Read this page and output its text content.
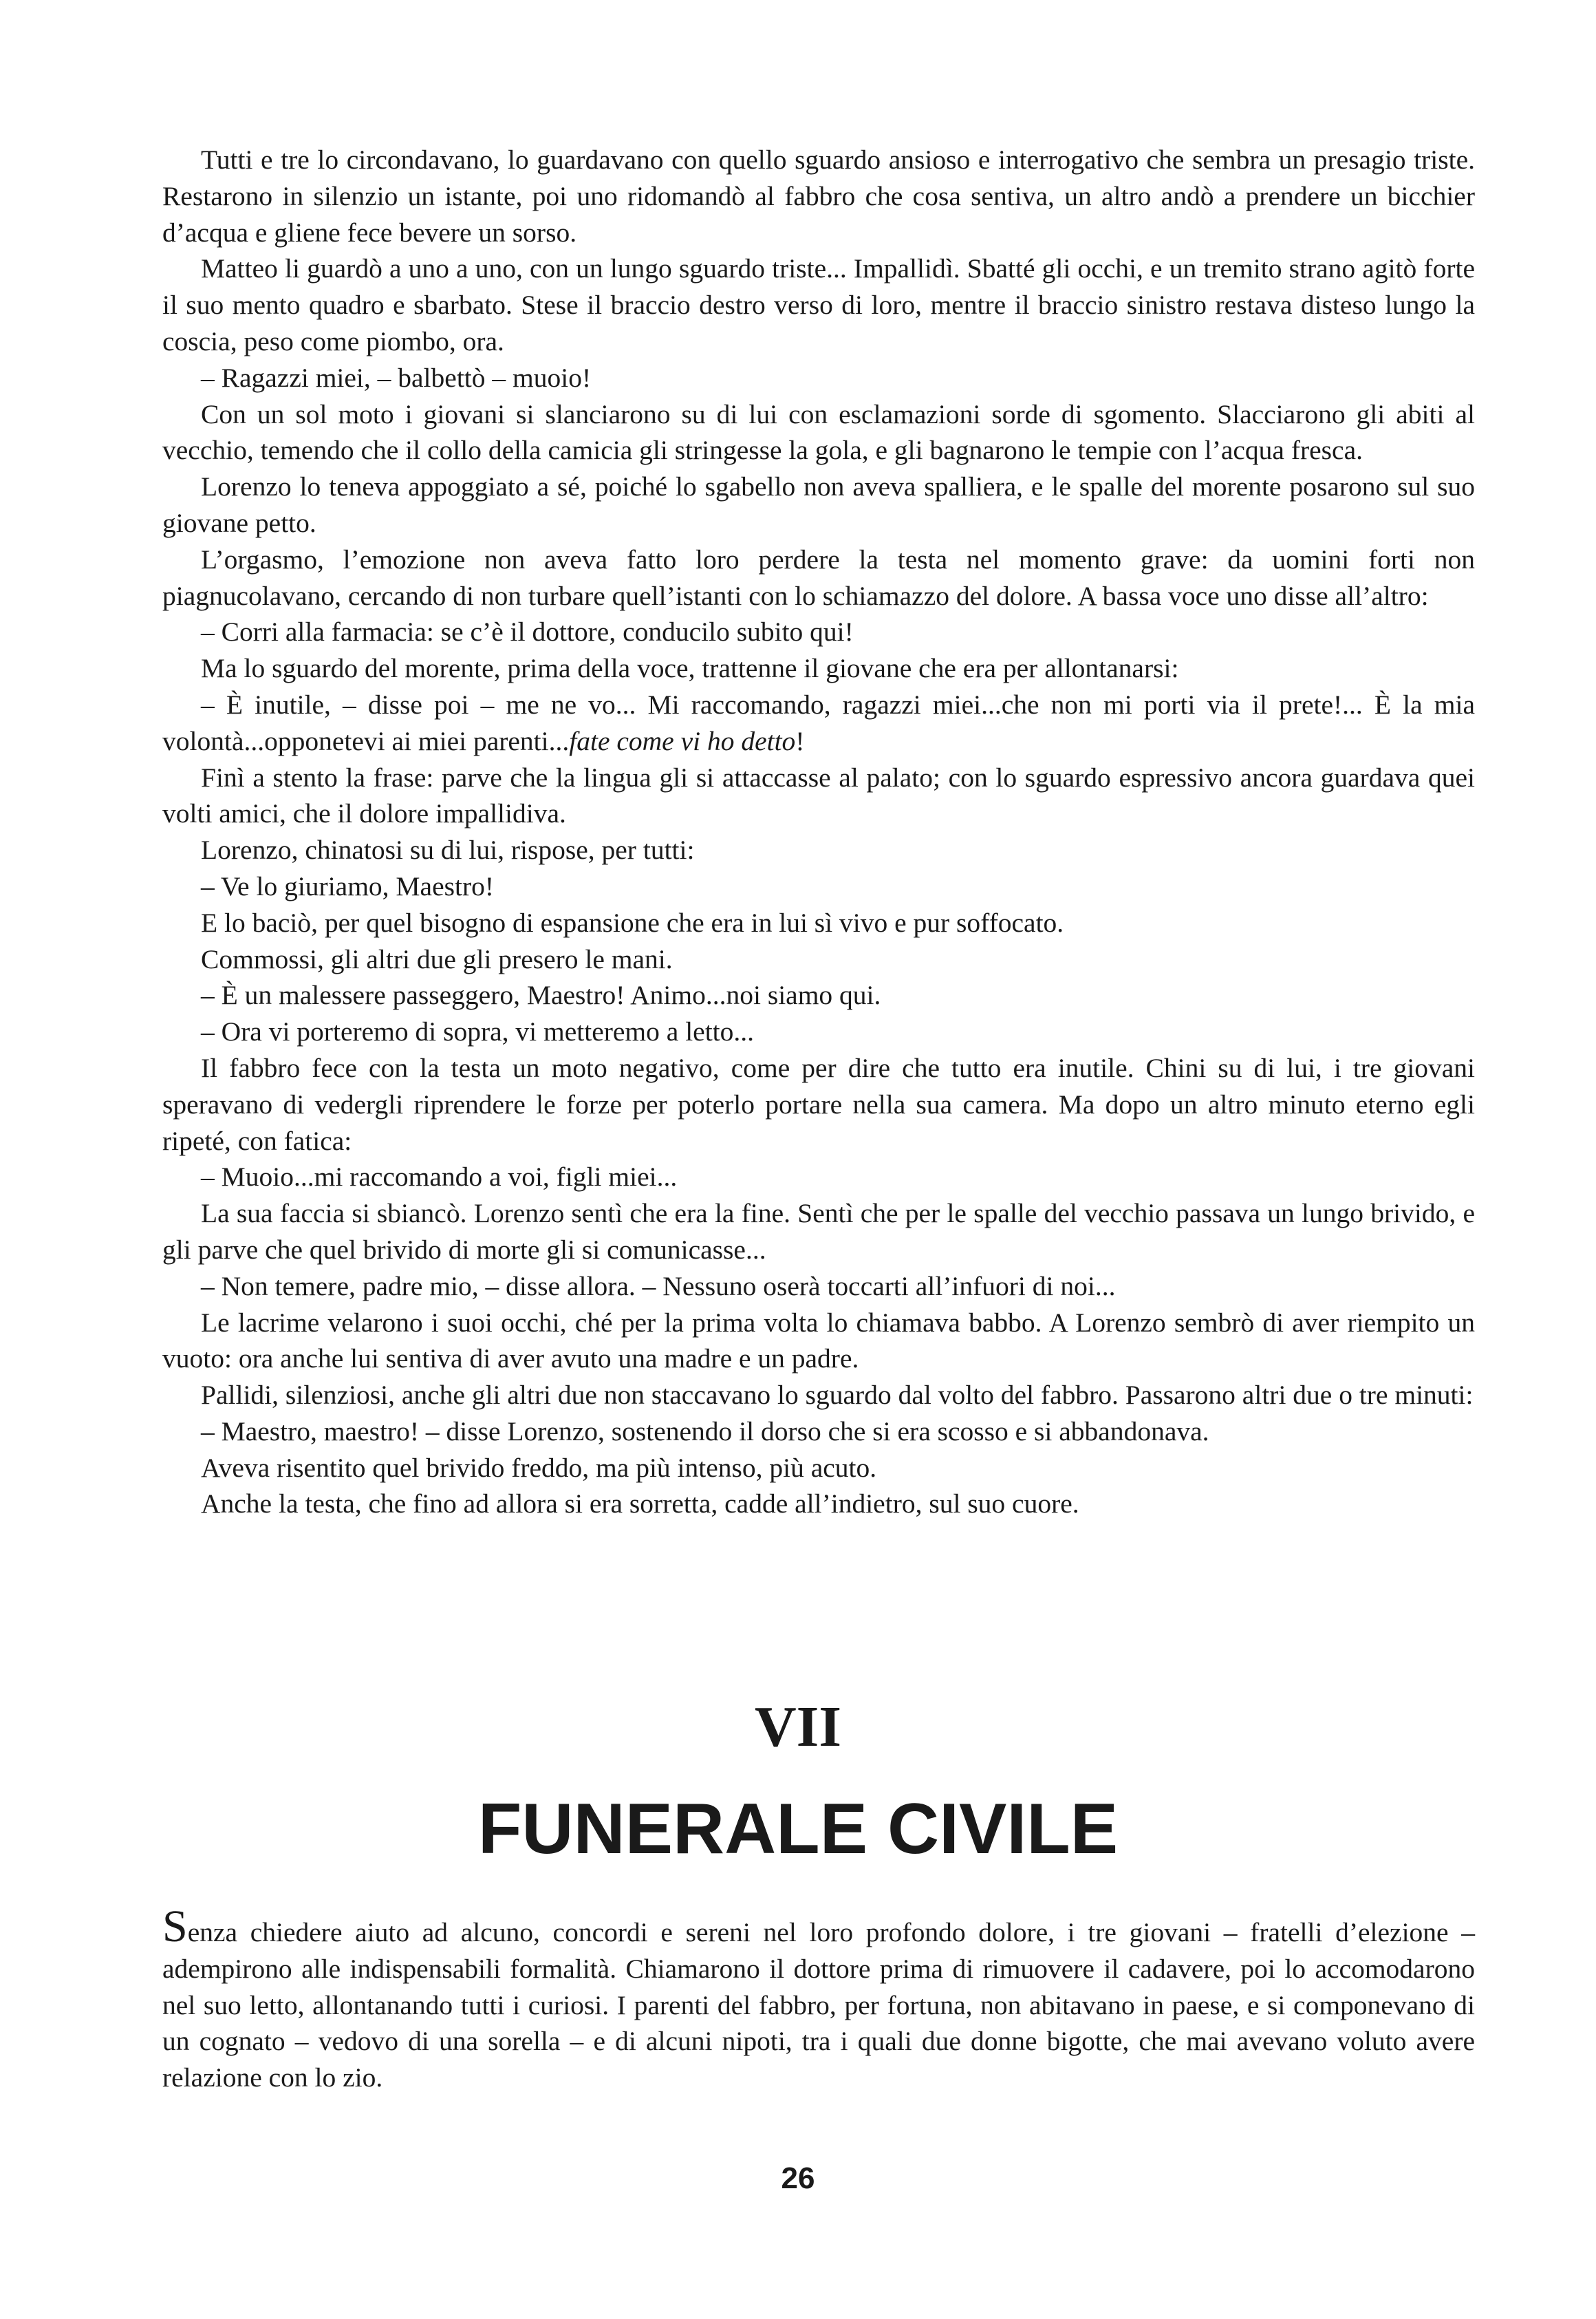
Tutti e tre lo circondavano, lo guardavano con quello sguardo ansioso e interrogativo che sembra un presagio triste. Restarono in silenzio un istante, poi uno ridomandò al fabbro che cosa sentiva, un altro andò a prendere un bicchier d’acqua e gliene fece bevere un sorso.

Matteo li guardò a uno a uno, con un lungo sguardo triste... Impallidì. Sbatté gli occhi, e un tremito strano agitò forte il suo mento quadro e sbarbato. Stese il braccio destro verso di loro, mentre il braccio sinistro restava disteso lungo la coscia, peso come piombo, ora.

– Ragazzi miei, – balbettò – muoio!

Con un sol moto i giovani si slanciarono su di lui con esclamazioni sorde di sgomento. Slacciarono gli abiti al vecchio, temendo che il collo della camicia gli stringesse la gola, e gli bagnarono le tempie con l’acqua fresca.

Lorenzo lo teneva appoggiato a sé, poiché lo sgabello non aveva spalliera, e le spalle del morente posarono sul suo giovane petto.

L’orgasmo, l’emozione non aveva fatto loro perdere la testa nel momento grave: da uomini forti non piagnucolavano, cercando di non turbare quell’istanti con lo schiamazzo del dolore. A bassa voce uno disse all’altro:

– Corri alla farmacia: se c’è il dottore, conducilo subito qui!

Ma lo sguardo del morente, prima della voce, trattenne il giovane che era per allontanarsi:

– È inutile, – disse poi – me ne vo... Mi raccomando, ragazzi miei...che non mi porti via il prete!... È la mia volontà...opponetevi ai miei parenti...fate come vi ho detto!

Finì a stento la frase: parve che la lingua gli si attaccasse al palato; con lo sguardo espressivo ancora guardava quei volti amici, che il dolore impallidiva.

Lorenzo, chinatosi su di lui, rispose, per tutti:

– Ve lo giuriamo, Maestro!

E lo baciò, per quel bisogno di espansione che era in lui sì vivo e pur soffocato.

Commossi, gli altri due gli presero le mani.

– È un malessere passeggero, Maestro! Animo...noi siamo qui.

– Ora vi porteremo di sopra, vi metteremo a letto...

Il fabbro fece con la testa un moto negativo, come per dire che tutto era inutile. Chini su di lui, i tre giovani speravano di vedergli riprendere le forze per poterlo portare nella sua camera. Ma dopo un altro minuto eterno egli ripeté, con fatica:

– Muoio...mi raccomando a voi, figli miei...

La sua faccia si sbiancò. Lorenzo sentì che era la fine. Sentì che per le spalle del vecchio passava un lungo brivido, e gli parve che quel brivido di morte gli si comunicasse...

– Non temere, padre mio, – disse allora. – Nessuno oserà toccarti all’infuori di noi...

Le lacrime velarono i suoi occhi, ché per la prima volta lo chiamava babbo. A Lorenzo sembrò di aver riempito un vuoto: ora anche lui sentiva di aver avuto una madre e un padre.

Pallidi, silenziosi, anche gli altri due non staccavano lo sguardo dal volto del fabbro. Passarono altri due o tre minuti:

– Maestro, maestro! – disse Lorenzo, sostenendo il dorso che si era scosso e si abbandonava.

Aveva risentito quel brivido freddo, ma più intenso, più acuto.

Anche la testa, che fino ad allora si era sorretta, cadde all’indietro, sul suo cuore.

VII
FUNERALE CIVILE

Senza chiedere aiuto ad alcuno, concordi e sereni nel loro profondo dolore, i tre giovani – fratelli d’elezione – adempirono alle indispensabili formalità. Chiamarono il dottore prima di rimuovere il cadavere, poi lo accomodarono nel suo letto, allontanando tutti i curiosi. I parenti del fabbro, per fortuna, non abitavano in paese, e si componevano di un cognato – vedovo di una sorella – e di alcuni nipoti, tra i quali due donne bigotte, che mai avevano voluto avere relazione con lo zio.

26
